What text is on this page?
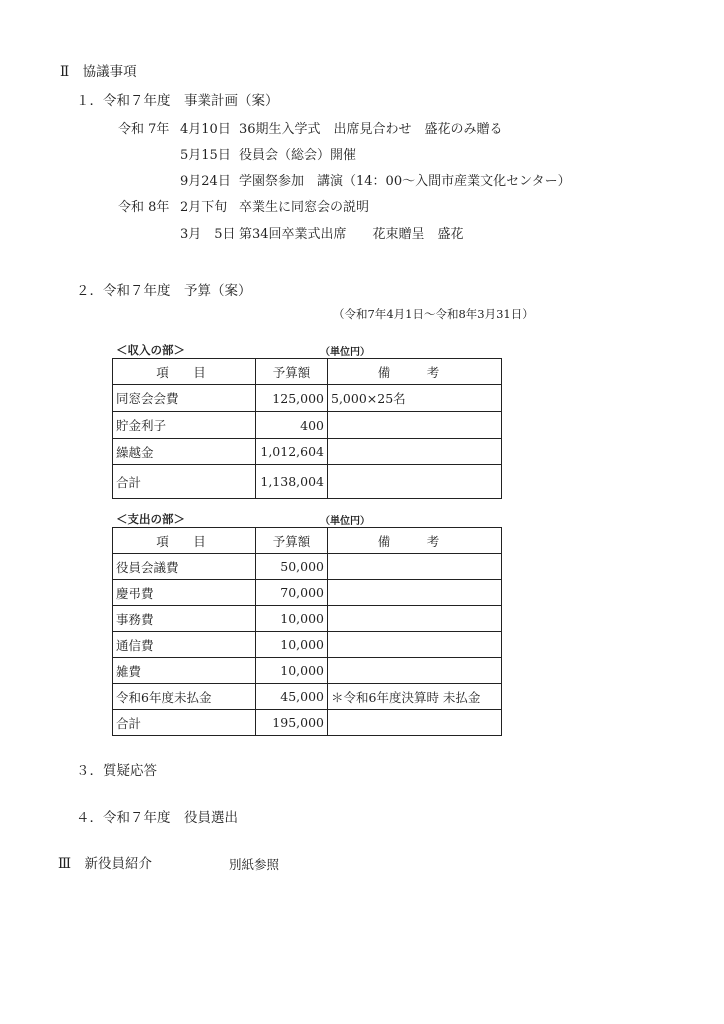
Ⅱ　協議事項
１．令和７年度　事業計画（案）
令和 7年 4月10日 36期生入学式　出席見合わせ　盛花のみ贈る
5月15日 役員会（総会）開催
9月24日 学園祭参加　講演（14：00～入間市産業文化センター）
令和 8年 2月下旬 卒業生に同窓会の説明
3月　5日 第34回卒業式出席　　花束贈呈　盛花
２．令和７年度　予算（案）
（令和7年4月1日～令和8年3月31日）
＜収入の部＞	（単位円）
項　目	予算額	備　考
同窓会会費	125,000	5,000×25名
貯金利子	400	
繰越金	1,012,604	
合計	1,138,004	
＜支出の部＞	（単位円）
項　目	予算額	備　考
役員会議費	50,000	
慶弔費	70,000	
事務費	10,000	
通信費	10,000	
雑費	10,000	
令和6年度未払金	45,000	＊令和6年度決算時 未払金
合計	195,000	
３．質疑応答
４．令和７年度　役員選出
Ⅲ　新役員紹介	別紙参照
